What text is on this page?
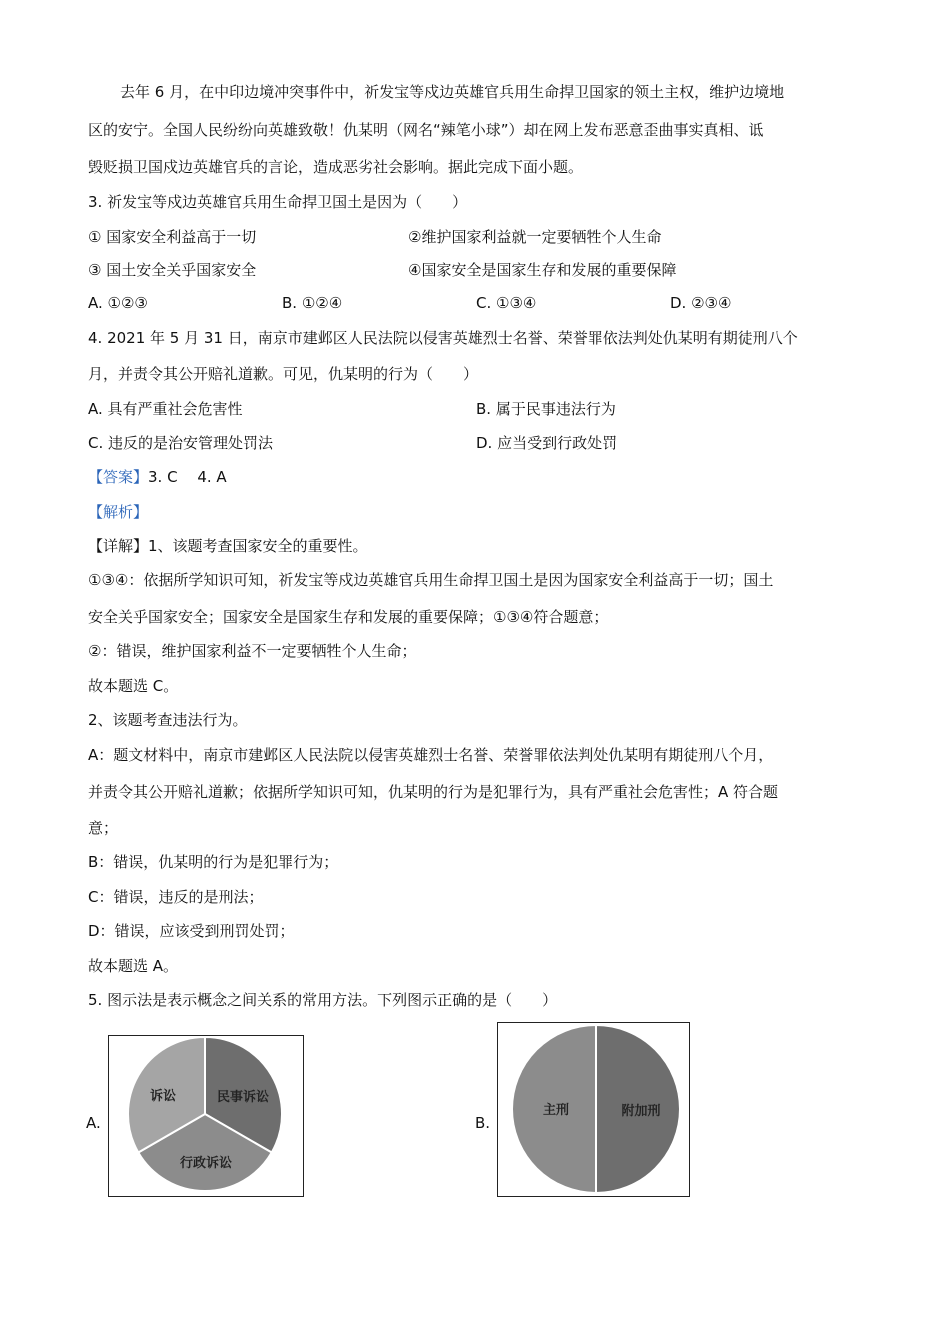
去年 6 月，在中印边境冲突事件中，祈发宝等戍边英雄官兵用生命捍卫国家的领土主权，维护边境地
区的安宁。全国人民纷纷向英雄致敬！仇某明（网名“辣笔小球”）却在网上发布恶意歪曲事实真相、诋
毁贬损卫国戍边英雄官兵的言论，造成恶劣社会影响。据此完成下面小题。
3. 祈发宝等戍边英雄官兵用生命捍卫国土是因为（　　）
① 国家安全利益高于一切	②维护国家利益就一定要牺牲个人生命
③ 国土安全关乎国家安全	④国家安全是国家生存和发展的重要保障
A. ①②③	B. ①②④	C. ①③④	D. ②③④
4. 2021 年 5 月 31 日，南京市建邺区人民法院以侵害英雄烈士名誉、荣誉罪依法判处仇某明有期徒刑八个
月，并责令其公开赔礼道歉。可见，仇某明的行为（　　）
A. 具有严重社会危害性	B. 属于民事违法行为
C. 违反的是治安管理处罚法	D. 应当受到行政处罚
【答案】3. C　 4. A
【解析】
【详解】1、该题考查国家安全的重要性。
①③④：依据所学知识可知，祈发宝等戍边英雄官兵用生命捍卫国土是因为国家安全利益高于一切；国土
安全关乎国家安全；国家安全是国家生存和发展的重要保障；①③④符合题意；
②：错误，维护国家利益不一定要牺牲个人生命；
故本题选 C。
2、该题考查违法行为。
A：题文材料中，南京市建邺区人民法院以侵害英雄烈士名誉、荣誉罪依法判处仇某明有期徒刑八个月，
并责令其公开赔礼道歉；依据所学知识可知，仇某明的行为是犯罪行为，具有严重社会危害性；A 符合题
意；
B：错误，仇某明的行为是犯罪行为；
C：错误，违反的是刑法；
D：错误，应该受到刑罚处罚；
故本题选 A。
5. 图示法是表示概念之间关系的常用方法。下列图示正确的是（　　）
A.
诉讼	民事诉讼
行政诉讼
B.
主刑	附加刑
